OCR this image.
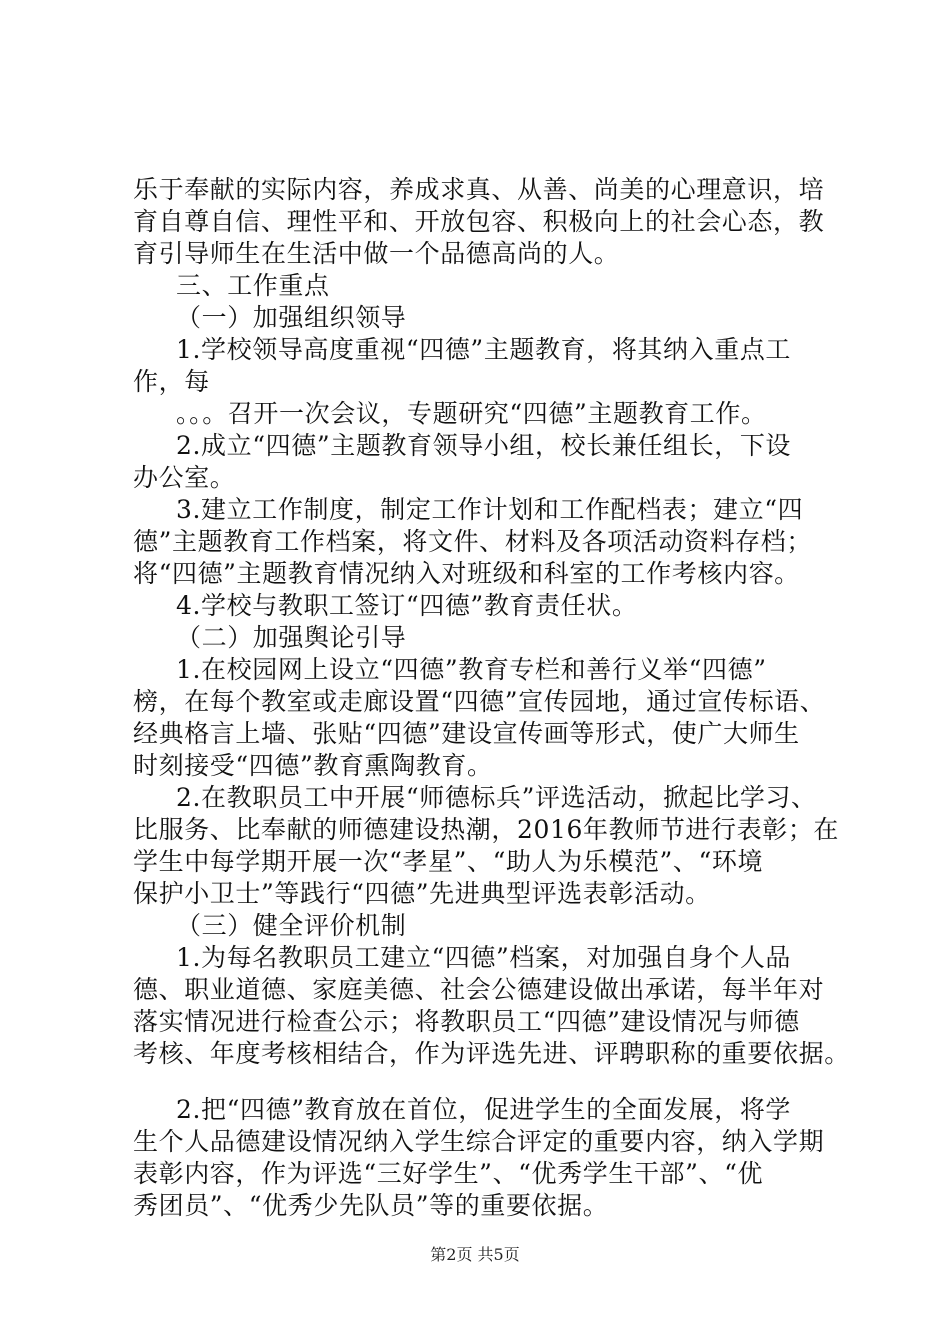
乐于奉献的实际内容，养成求真、从善、尚美的心理意识，培
育自尊自信、理性平和、开放包容、积极向上的社会心态，教
育引导师生在生活中做一个品德高尚的人。
三、工作重点
（一）加强组织领导
1.学校领导高度重视“四德”主题教育，将其纳入重点工
作，每
。。。召开一次会议，专题研究“四德”主题教育工作。
2.成立“四德”主题教育领导小组，校长兼任组长，下设
办公室。
3.建立工作制度，制定工作计划和工作配档表；建立“四
德”主题教育工作档案，将文件、材料及各项活动资料存档；
将“四德”主题教育情况纳入对班级和科室的工作考核内容。
4.学校与教职工签订“四德”教育责任状。
（二）加强舆论引导
1.在校园网上设立“四德”教育专栏和善行义举“四德”
榜，在每个教室或走廊设置“四德”宣传园地，通过宣传标语、
经典格言上墙、张贴“四德”建设宣传画等形式，使广大师生
时刻接受“四德”教育熏陶教育。
2.在教职员工中开展“师德标兵”评选活动，掀起比学习、
比服务、比奉献的师德建设热潮，2016年教师节进行表彰；在
学生中每学期开展一次“孝星”、“助人为乐模范”、“环境
保护小卫士”等践行“四德”先进典型评选表彰活动。
（三）健全评价机制
1.为每名教职员工建立“四德”档案，对加强自身个人品
德、职业道德、家庭美德、社会公德建设做出承诺，每半年对
落实情况进行检查公示；将教职员工“四德”建设情况与师德
考核、年度考核相结合，作为评选先进、评聘职称的重要依据。
2.把“四德”教育放在首位，促进学生的全面发展，将学
生个人品德建设情况纳入学生综合评定的重要内容，纳入学期
表彰内容，作为评选“三好学生”、“优秀学生干部”、“优
秀团员”、“优秀少先队员”等的重要依据。
第2页 共5页
